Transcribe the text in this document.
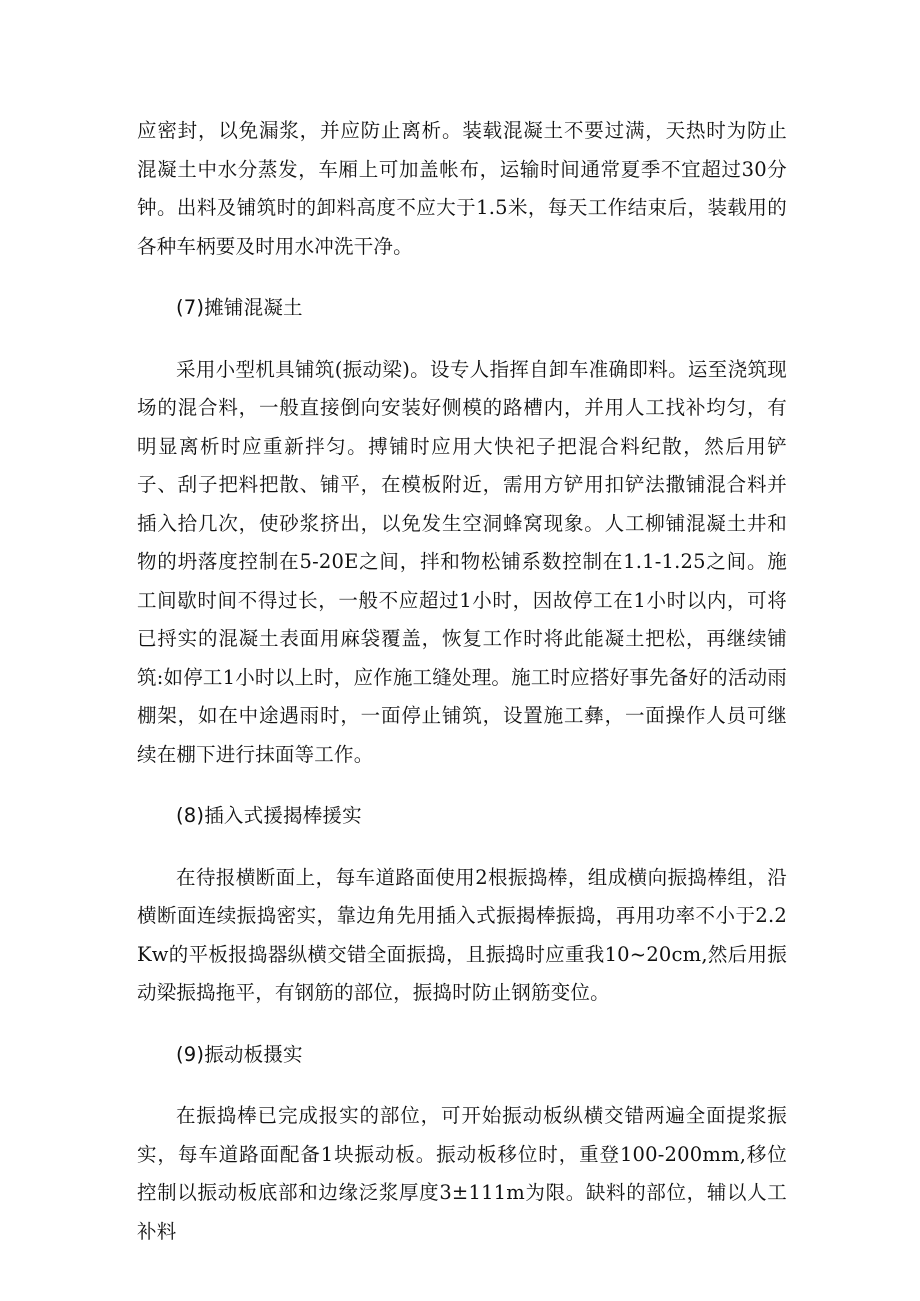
应密封，以免漏浆，并应防止离析。装载混凝土不要过满，天热时为防止混凝土中水分蒸发，车厢上可加盖帐布，运输时间通常夏季不宜超过30分钟。出料及铺筑时的卸料高度不应大于1.5米，每天工作结束后，装载用的各种车柄要及时用水冲洗干净。

(7)摊铺混凝土

采用小型机具铺筑(振动梁)。设专人指挥自卸车准确即料。运至浇筑现场的混合料，一般直接倒向安装好侧模的路槽内，并用人工找补均匀，有明显离析时应重新拌匀。搏铺时应用大快祀子把混合料纪散，然后用铲子、刮子把料把散、铺平，在模板附近，需用方铲用扣铲法撒铺混合料并插入拾几次，使砂浆挤出，以免发生空洞蜂窝现象。人工柳铺混凝土井和物的坍落度控制在5-20E之间，拌和物松铺系数控制在1.1-1.25之间。施工间歇时间不得过长，一般不应超过1小时，因故停工在1小时以内，可将已捋实的混凝土表面用麻袋覆盖，恢复工作时将此能凝土把松，再继续铺筑:如停工1小时以上时，应作施工缝处理。施工时应搭好事先备好的活动雨棚架，如在中途遇雨时，一面停止铺筑，设置施工彝，一面操作人员可继续在棚下进行抹面等工作。

(8)插入式援揭棒援实

在待报横断面上，每车道路面使用2根振捣棒，组成横向振捣棒组，沿横断面连续振捣密实，靠边角先用插入式振揭棒振捣，再用功率不小于2.2Kw的平板报捣器纵横交错全面振捣，且振捣时应重我10~20cm,然后用振动梁振捣拖平，有钢筋的部位，振捣时防止钢筋变位。

(9)振动板摄实

在振捣棒已完成报实的部位，可开始振动板纵横交错两遍全面提浆振实，每车道路面配备1块振动板。振动板移位时，重登100-200mm,移位控制以振动板底部和边缘泛浆厚度3±111m为限。缺料的部位，辅以人工补料
